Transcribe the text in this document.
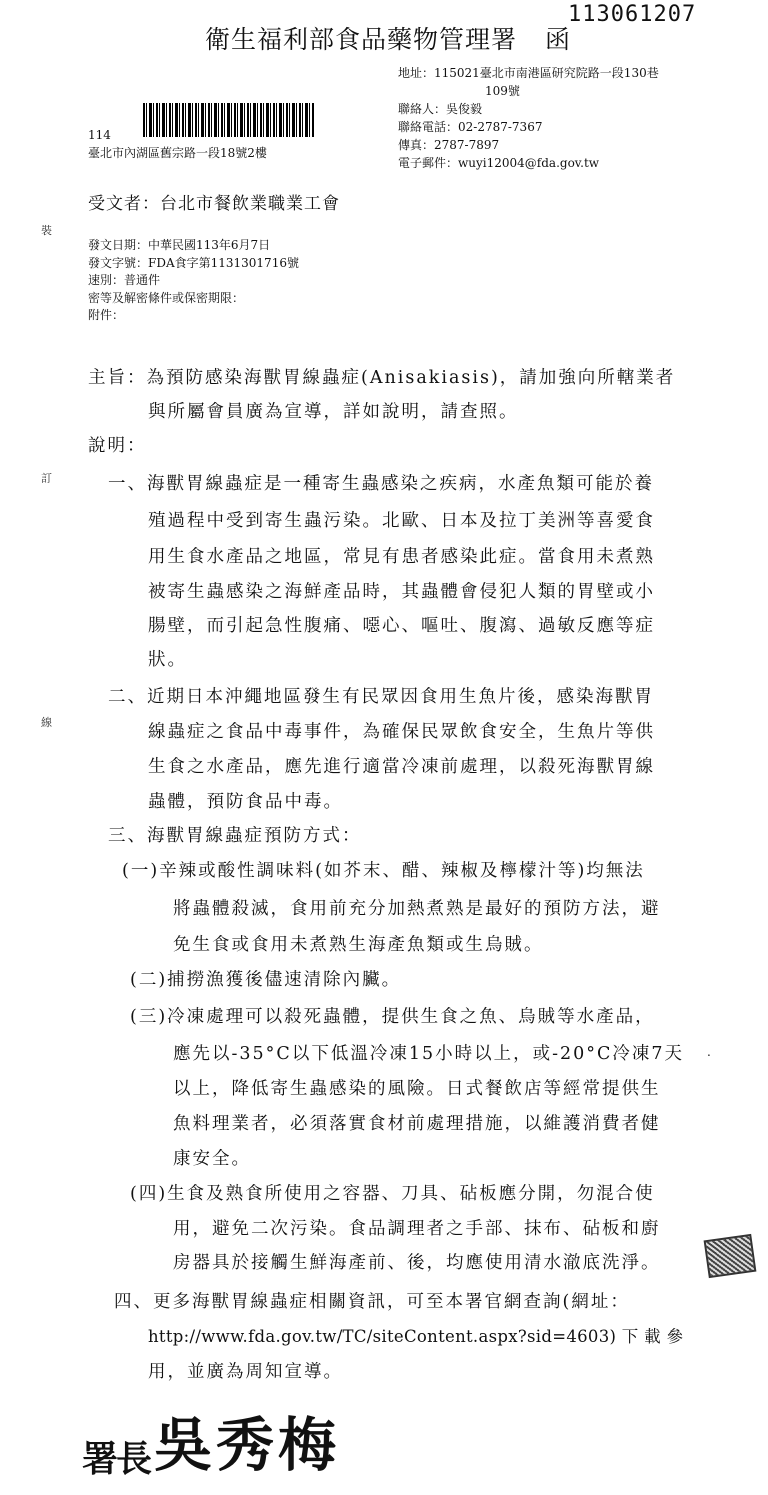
113061207
衛生福利部食品藥物管理署 函
地址：115021臺北市南港區研究院路一段130巷
109號
聯絡人：吳俊毅
聯絡電話：02-2787-7367
傳真：2787-7897
電子郵件：wuyi12004@fda.gov.tw
114
臺北市內湖區舊宗路一段18號2樓
受文者：台北市餐飲業職業工會
發文日期：中華民國113年6月7日
發文字號：FDA食字第1131301716號
速別：普通件
密等及解密條件或保密期限：
附件：
裝
訂
線
主旨：為預防感染海獸胃線蟲症(Anisakiasis)，請加強向所轄業者
與所屬會員廣為宣導，詳如說明，請查照。
說明：
一、海獸胃線蟲症是一種寄生蟲感染之疾病，水產魚類可能於養
殖過程中受到寄生蟲污染。北歐、日本及拉丁美洲等喜愛食
用生食水產品之地區，常見有患者感染此症。當食用未煮熟
被寄生蟲感染之海鮮產品時，其蟲體會侵犯人類的胃壁或小
腸壁，而引起急性腹痛、噁心、嘔吐、腹瀉、過敏反應等症
狀。
二、近期日本沖繩地區發生有民眾因食用生魚片後，感染海獸胃
線蟲症之食品中毒事件，為確保民眾飲食安全，生魚片等供
生食之水產品，應先進行適當冷凍前處理，以殺死海獸胃線
蟲體，預防食品中毒。
三、海獸胃線蟲症預防方式：
(一)辛辣或酸性調味料(如芥末、醋、辣椒及檸檬汁等)均無法
將蟲體殺滅，食用前充分加熱煮熟是最好的預防方法，避
免生食或食用未煮熟生海產魚類或生烏賊。
(二)捕撈漁獲後儘速清除內臟。
(三)冷凍處理可以殺死蟲體，提供生食之魚、烏賊等水產品，
應先以-35°C以下低溫冷凍15小時以上，或-20°C冷凍7天
以上，降低寄生蟲感染的風險。日式餐飲店等經常提供生
魚料理業者，必須落實食材前處理措施，以維護消費者健
康安全。
(四)生食及熟食所使用之容器、刀具、砧板應分開，勿混合使
用，避免二次污染。食品調理者之手部、抹布、砧板和廚
房器具於接觸生鮮海產前、後，均應使用清水澈底洗淨。
四、更多海獸胃線蟲症相關資訊，可至本署官網查詢(網址：
http://www.fda.gov.tw/TC/siteContent.aspx?sid=4603) 下 載 參
用，並廣為周知宣導。
.
署長吳秀梅
